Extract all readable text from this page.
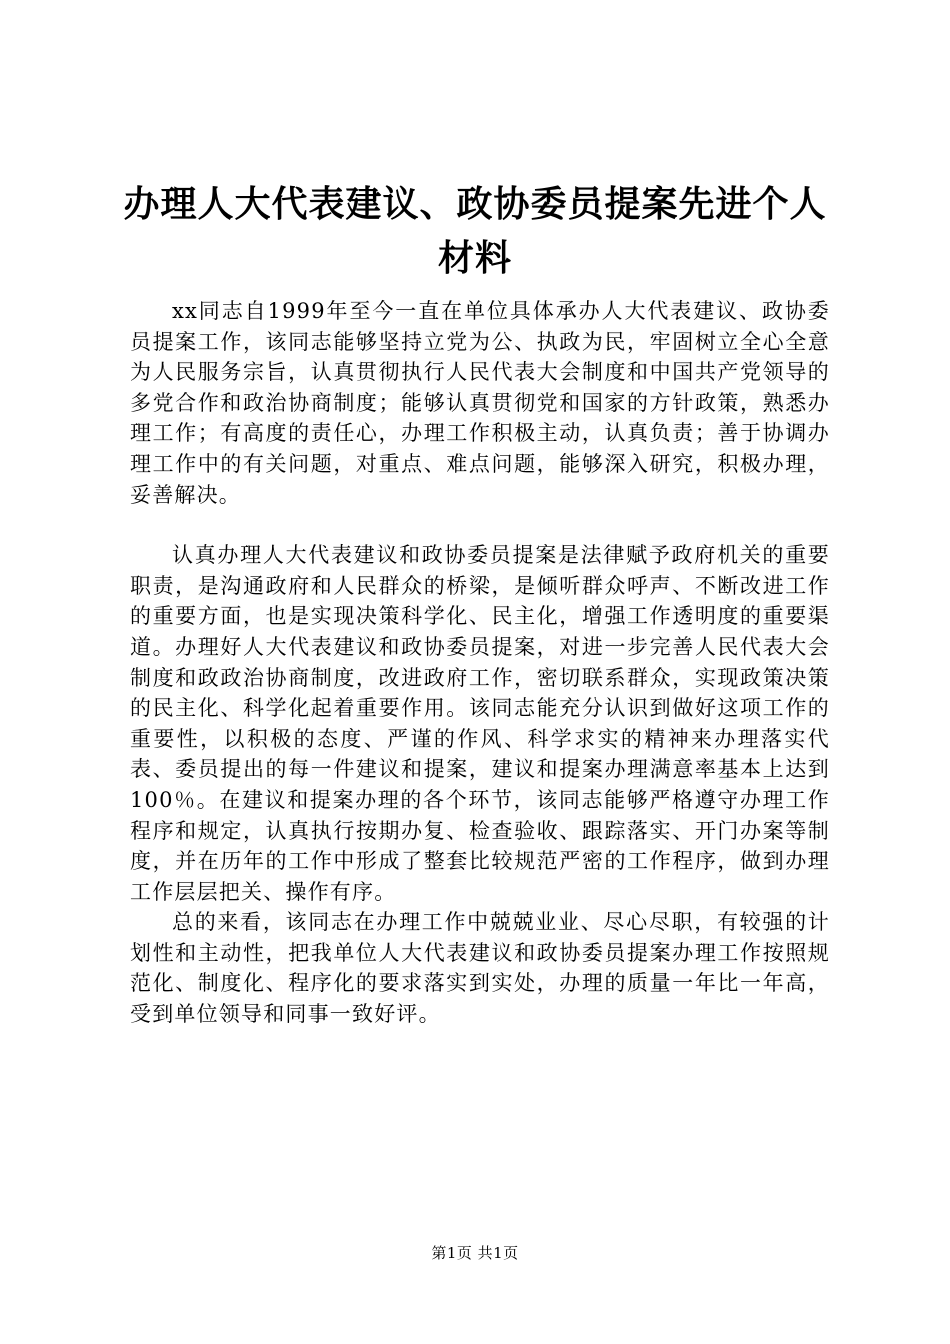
办理人大代表建议、政协委员提案先进个人材料

xx同志自1999年至今一直在单位具体承办人大代表建议、政协委员提案工作，该同志能够坚持立党为公、执政为民，牢固树立全心全意为人民服务宗旨，认真贯彻执行人民代表大会制度和中国共产党领导的多党合作和政治协商制度；能够认真贯彻党和国家的方针政策，熟悉办理工作；有高度的责任心，办理工作积极主动，认真负责；善于协调办理工作中的有关问题，对重点、难点问题，能够深入研究，积极办理，妥善解决。

认真办理人大代表建议和政协委员提案是法律赋予政府机关的重要职责，是沟通政府和人民群众的桥梁，是倾听群众呼声、不断改进工作的重要方面，也是实现决策科学化、民主化，增强工作透明度的重要渠道。办理好人大代表建议和政协委员提案，对进一步完善人民代表大会制度和政政治协商制度，改进政府工作，密切联系群众，实现政策决策的民主化、科学化起着重要作用。该同志能充分认识到做好这项工作的重要性，以积极的态度、严谨的作风、科学求实的精神来办理落实代表、委员提出的每一件建议和提案，建议和提案办理满意率基本上达到100％。在建议和提案办理的各个环节，该同志能够严格遵守办理工作程序和规定，认真执行按期办复、检查验收、跟踪落实、开门办案等制度，并在历年的工作中形成了整套比较规范严密的工作程序，做到办理工作层层把关、操作有序。

总的来看，该同志在办理工作中兢兢业业、尽心尽职，有较强的计划性和主动性，把我单位人大代表建议和政协委员提案办理工作按照规范化、制度化、程序化的要求落实到实处，办理的质量一年比一年高，受到单位领导和同事一致好评。

第1页 共1页
